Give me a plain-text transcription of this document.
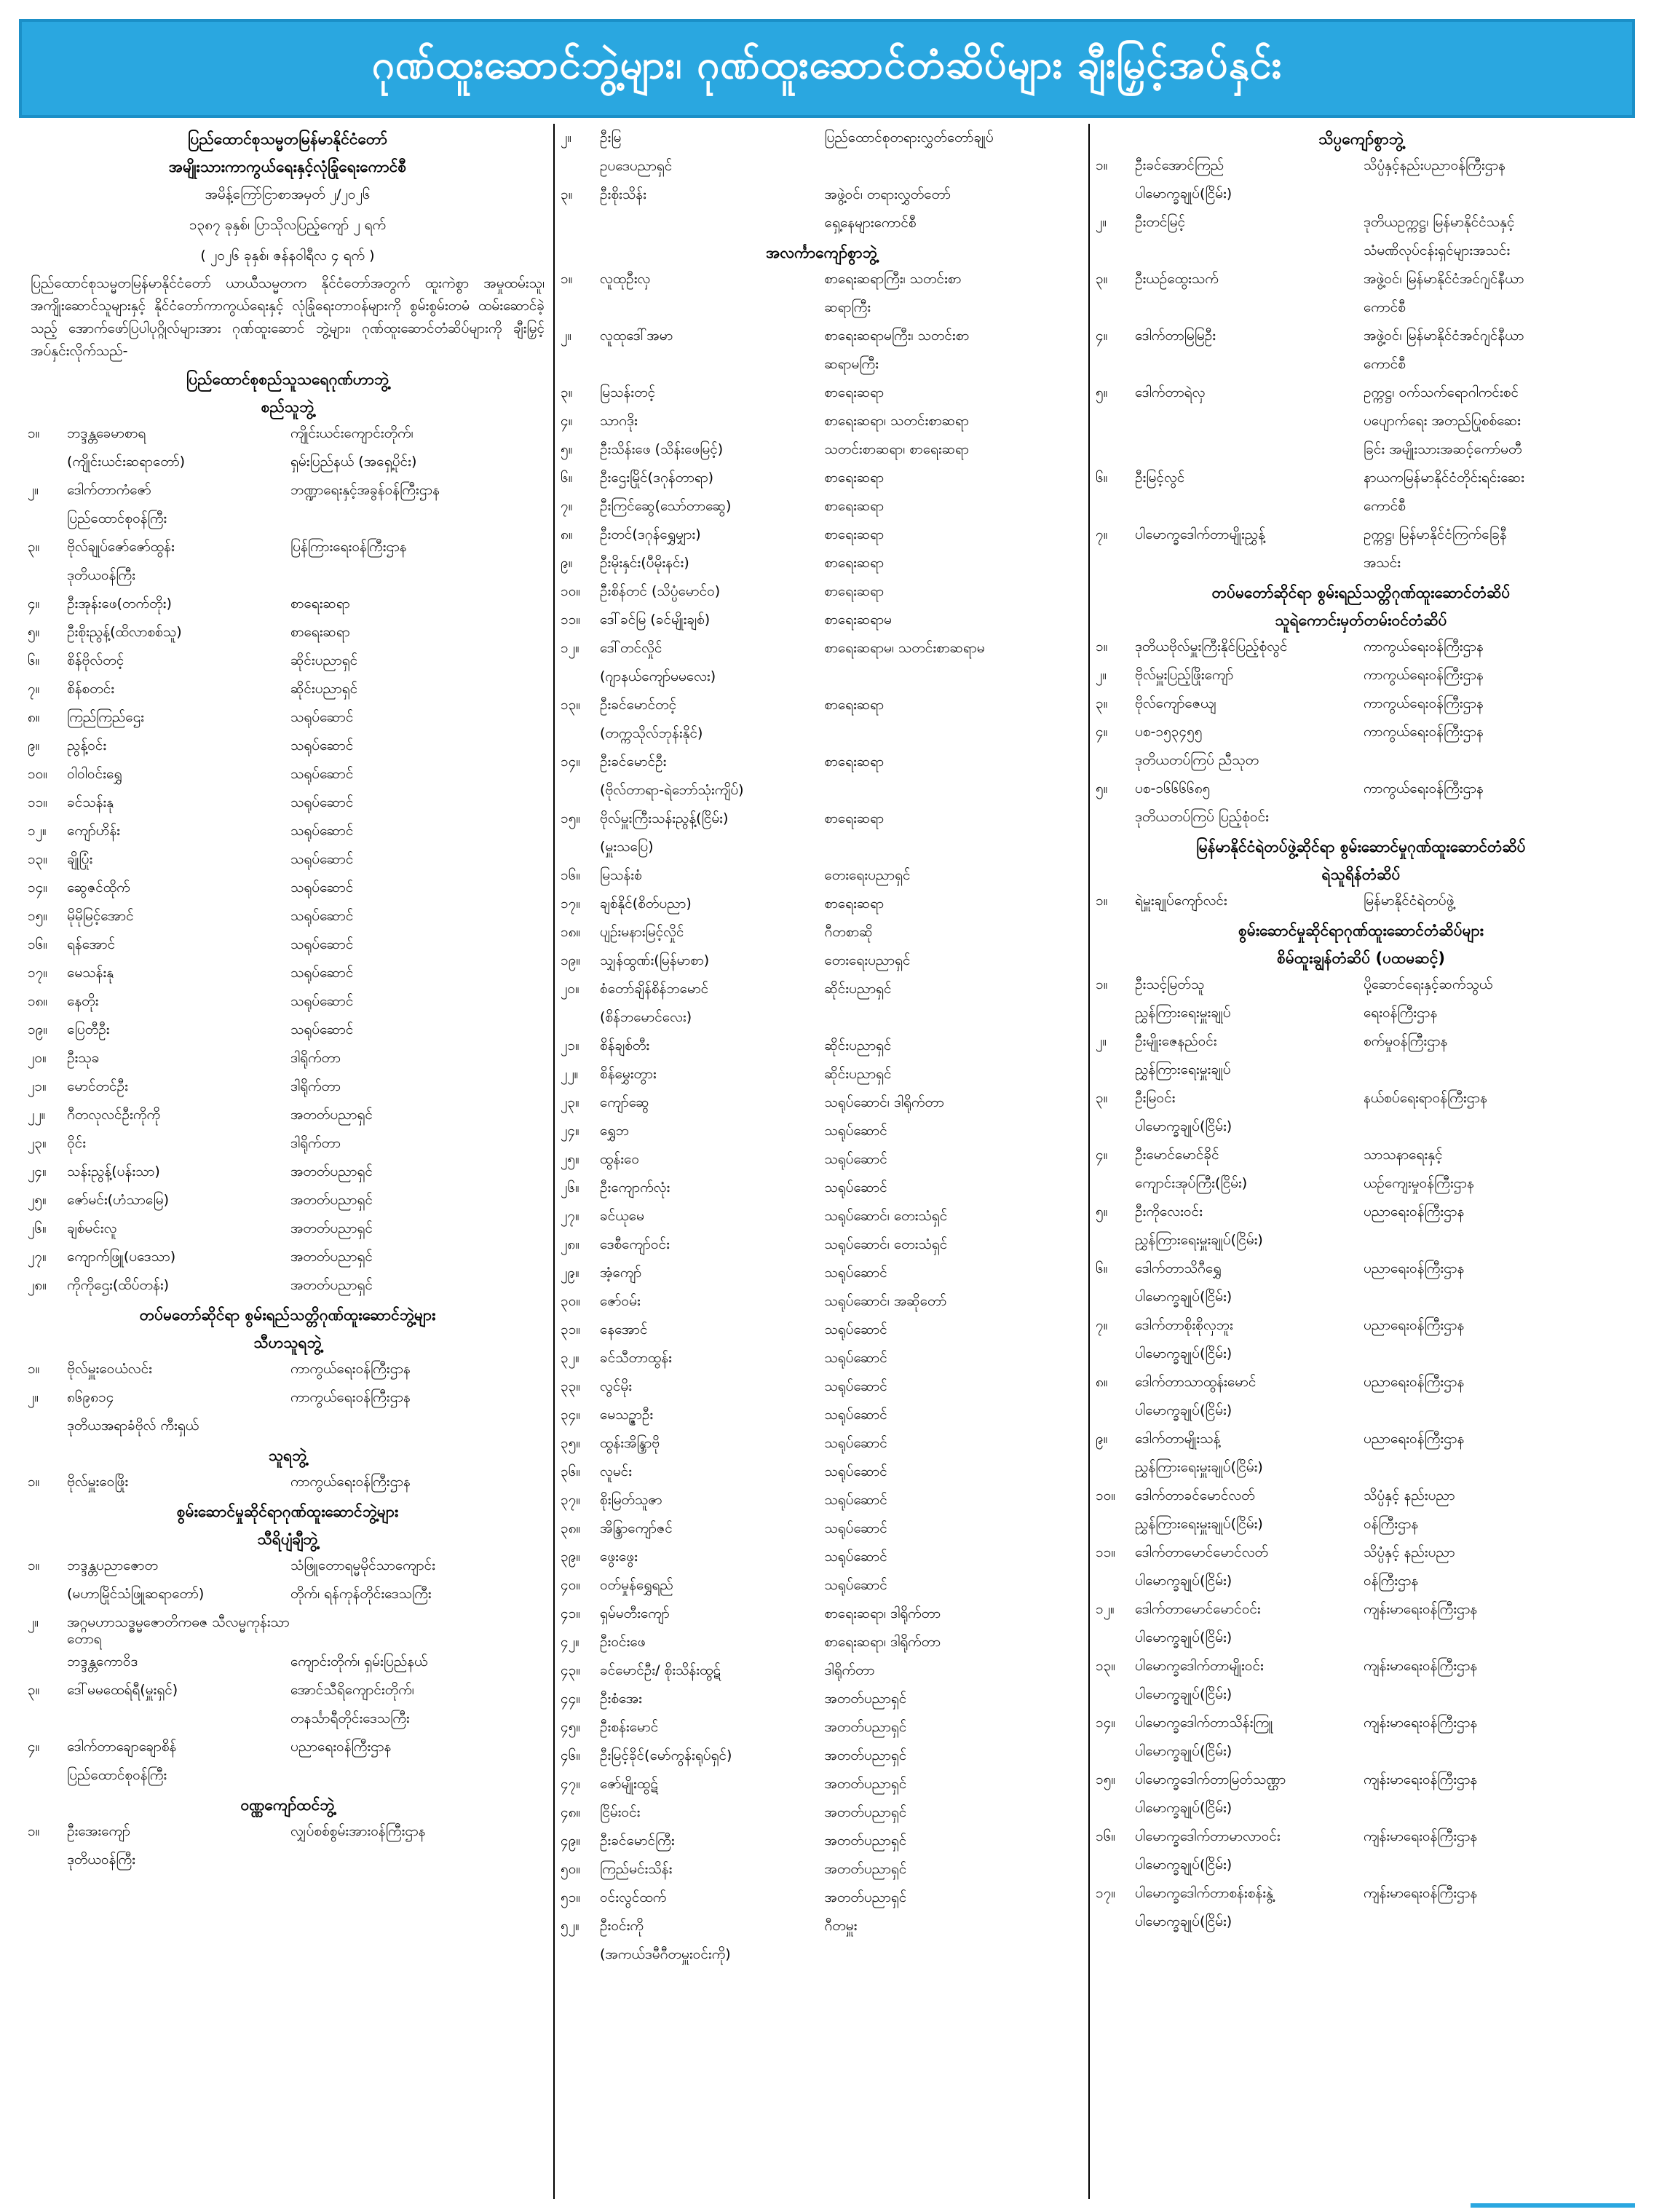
ဂုဏ်ထူးဆောင်ဘွဲ့များ၊ ဂုဏ်ထူးဆောင်တံဆိပ်များ ချီးမြှင့်အပ်နှင်း
ပြည်ထောင်စုသမ္မတမြန်မာနိုင်ငံတော်
အမျိုးသားကာကွယ်ရေးနှင့်လုံခြုံရေးကောင်စီ
အမိန့်ကြော်ငြာစာအမှတ် ၂/၂၀၂၆
၁၃၈၇ ခုနှစ်၊ ပြာသိုလပြည့်ကျော် ၂ ရက်
( ၂၀၂၆ ခုနှစ်၊ ဇန်နဝါရီလ ၄ ရက် )
ပြည်ထောင်စုသမ္မတမြန်မာနိုင်ငံတော် ယာယီသမ္မတက နိုင်ငံတော်အတွက် ထူးကဲစွာ အမှုထမ်းသူ၊ အကျိုးဆောင်သူများနှင့် နိုင်ငံတော်ကာကွယ်ရေးနှင့် လုံခြုံရေးတာဝန်များကို စွမ်းစွမ်းတမံ ထမ်းဆောင်ခဲ့သည့် အောက်ဖော်ပြပါပုဂ္ဂိုလ်များအား ဂုဏ်ထူးဆောင် ဘွဲ့များ၊ ဂုဏ်ထူးဆောင်တံဆိပ်များကို ချီးမြှင့်အပ်နှင်းလိုက်သည်-
ပြည်ထောင်စုစည်သူသရေဂုဏ်ဟာဘွဲ့
စည်သူဘွဲ့
၁။	ဘဒ္ဒန္တခေမာစာရ	ကျိုင်းယင်းကျောင်းတိုက်၊
(ကျိုင်းယင်းဆရာတော်)	ရှမ်းပြည်နယ် (အရှေ့ပိုင်း)
၂။	ဒေါက်တာကံဇော်	ဘဏ္ဍာရေးနှင့်အခွန်ဝန်ကြီးဌာန
ပြည်ထောင်စုဝန်ကြီး
၃။	ဗိုလ်ချုပ်ဇော်ဇော်ထွန်း	ပြန်ကြားရေးဝန်ကြီးဌာန
ဒုတိယဝန်ကြီး
၄။	ဦးအုန်းဖေ(တက်တိုး)	စာရေးဆရာ
၅။	ဦးစိုးညွန့်(ထိလာစစ်သူ)	စာရေးဆရာ
၆။	စိန်ဗိုလ်တင့်	ဆိုင်းပညာရှင်
၇။	စိန်စတင်း	ဆိုင်းပညာရှင်
၈။	ကြည်ကြည်ဌေး	သရုပ်ဆောင်
၉။	ညွန့်ဝင်း	သရုပ်ဆောင်
၁၀။	ဝါဝါဝင်းရွှေ	သရုပ်ဆောင်
၁၁။	ခင်သန်းနု	သရုပ်ဆောင်
၁၂။	ကျော်ဟိန်း	သရုပ်ဆောင်
၁၃။	ချိုပြုံး	သရုပ်ဆောင်
၁၄။	ဆွေဇင်ထိုက်	သရုပ်ဆောင်
၁၅။	မိုမိုမြင့်အောင်	သရုပ်ဆောင်
၁၆။	ရန်အောင်	သရုပ်ဆောင်
၁၇။	မေသန်းနု	သရုပ်ဆောင်
၁၈။	နေတိုး	သရုပ်ဆောင်
၁၉။	ပြေတီဦး	သရုပ်ဆောင်
၂၀။	ဦးသုခ	ဒါရိုက်တာ
၂၁။	မောင်တင်ဦး	ဒါရိုက်တာ
၂၂။	ဂီတလုလင်ဦးကိုကို	အတတ်ပညာရှင်
၂၃။	ဝိုင်း	ဒါရိုက်တာ
၂၄။	သန်းညွန့်(ပန်းသာ)	အတတ်ပညာရှင်
၂၅။	ဇော်မင်း(ဟံသာမြေ)	အတတ်ပညာရှင်
၂၆။	ချစ်မင်းလူ	အတတ်ပညာရှင်
၂၇။	ကျောက်ဖြူ(ပဒေသာ)	အတတ်ပညာရှင်
၂၈။	ကိုကိုဌေး(ထိပ်တန်း)	အတတ်ပညာရှင်
တပ်မတော်ဆိုင်ရာ စွမ်းရည်သတ္တိဂုဏ်ထူးဆောင်ဘွဲ့များ
သီဟသူရဘွဲ့
၁။	ဗိုလ်မှူးဝေယံလင်း	ကာကွယ်ရေးဝန်ကြီးဌာန
၂။	၈၆၉၈၁၄	ကာကွယ်ရေးဝန်ကြီးဌာန
ဒုတိယအရာခံဗိုလ် ကီးရှယ်
သူရဘွဲ့
၁။	ဗိုလ်မှူးဝေဖြိုး	ကာကွယ်ရေးဝန်ကြီးဌာန
စွမ်းဆောင်မှုဆိုင်ရာဂုဏ်ထူးဆောင်ဘွဲ့များ
သီရိပျံချီဘွဲ့
၁။	ဘဒ္ဒန္တပညာဇောတ	သံဖြူတောရမ္မမိုင်သာကျောင်း
(မဟာမြိုင်သံဖြူဆရာတော်)	တိုက်၊ ရန်ကုန်တိုင်းဒေသကြီး
၂။	အဂ္ဂမဟာသဒ္ဓမ္မဇောတိကဓဇ သီလမ္မကုန်းသာတောရ
ဘဒ္ဒန္တကောဝိဒ	ကျောင်းတိုက်၊ ရှမ်းပြည်နယ်
၃။	ဒေါ်မမထေရ်ရီ(မှူးရှင်)	အောင်သီရိကျောင်းတိုက်၊
တနင်္သာရီတိုင်းဒေသကြီး
၄။	ဒေါက်တာချောချောစိန်	ပညာရေးဝန်ကြီးဌာန
ပြည်ထောင်စုဝန်ကြီး
ဝဏ္ဏကျော်ထင်ဘွဲ့
၁။	ဦးအေးကျော်	လျှပ်စစ်စွမ်းအားဝန်ကြီးဌာန
ဒုတိယဝန်ကြီး
၂။	ဦးမြ	ပြည်ထောင်စုတရားလွှတ်တော်ချုပ်
ဥပဒေပညာရှင်
၃။	ဦးစိုးသိန်း	အဖွဲ့ဝင်၊ တရားလွှတ်တော်
ရှေ့နေများကောင်စီ
အလင်္ကာကျော်စွာဘွဲ့
၁။	လူထုဦးလှ	စာရေးဆရာကြီး၊ သတင်းစာ
ဆရာကြီး
၂။	လူထုဒေါ်အမာ	စာရေးဆရာမကြီး၊ သတင်းစာ
ဆရာမကြီး
၃။	မြသန်းတင့်	စာရေးဆရာ
၄။	သာဂဒိုး	စာရေးဆရာ၊ သတင်းစာဆရာ
၅။	ဦးသိန်းဖေ (သိန်းဖေမြင့်)	သတင်းစာဆရာ၊ စာရေးဆရာ
၆။	ဦးဌေးမြိုင်(ဒဂုန်တာရာ)	စာရေးဆရာ
၇။	ဦးကြင်ဆွေ(သော်တာဆွေ)	စာရေးဆရာ
၈။	ဦးတင်(ဒဂုန်ရွှေမျှား)	စာရေးဆရာ
၉။	ဦးမိုးနှင်း(ပီမိုးနင်း)	စာရေးဆရာ
၁၀။	ဦးစိန်တင် (သိပ္ပံမောင်ဝ)	စာရေးဆရာ
၁၁။	ဒေါ်ခင်မြ (ခင်မျိုးချစ်)	စာရေးဆရာမ
၁၂။	ဒေါ်တင်လှိုင်	စာရေးဆရာမ၊ သတင်းစာဆရာမ
(ဂျာနယ်ကျော်မမလေး)
၁၃။	ဦးခင်မောင်တင့်	စာရေးဆရာ
(တက္ကသိုလ်ဘုန်းနိုင်)
၁၄။	ဦးခင်မောင်ဦး	စာရေးဆရာ
(ဗိုလ်တာရာ-ရဲဘော်သုံးကျိပ်)
၁၅။	ဗိုလ်မှူးကြီးသန်းညွန့်(ငြိမ်း)	စာရေးဆရာ
(မှူးသပြေ)
၁၆။	မြသန်းစံ	တေးရေးပညာရှင်
၁၇။	ချစ်နိုင်(စိတ်ပညာ)	စာရေးဆရာ
၁၈။	ပျဉ်းမနားမြင့်လှိုင်	ဂီတစာဆို
၁၉။	သျှန်ထွဏ်း(မြန်မာစာ)	တေးရေးပညာရှင်
၂၀။	စံတော်ချိန်စိန်ဘမောင်	ဆိုင်းပညာရှင်
(စိန်ဘမောင်လေး)
၂၁။	စိန်ချစ်တီး	ဆိုင်းပညာရှင်
၂၂။	စိန်မွှေးတွား	ဆိုင်းပညာရှင်
၂၃။	ကျော်ဆွေ	သရုပ်ဆောင်၊ ဒါရိုက်တာ
၂၄။	ရွှေဘ	သရုပ်ဆောင်
၂၅။	ထွန်းဝေ	သရုပ်ဆောင်
၂၆။	ဦးကျောက်လုံး	သရုပ်ဆောင်
၂၇။	ခင်ယုမေ	သရုပ်ဆောင်၊ တေးသံရှင်
၂၈။	ဒေစီကျော်ဝင်း	သရုပ်ဆောင်၊ တေးသံရှင်
၂၉။	အံ့ကျော်	သရုပ်ဆောင်
၃၀။	ဇော်ဝမ်း	သရုပ်ဆောင်၊ အဆိုတော်
၃၁။	နေအောင်	သရုပ်ဆောင်
၃၂။	ခင်သီတာထွန်း	သရုပ်ဆောင်
၃၃။	လွင်မိုး	သရုပ်ဆောင်
၃၄။	မေသဉ္ဇာဦး	သရုပ်ဆောင်
၃၅။	ထွန်းအိန္ဒြာဗို	သရုပ်ဆောင်
၃၆။	လူမင်း	သရုပ်ဆောင်
၃၇။	စိုးမြတ်သူဇာ	သရုပ်ဆောင်
၃၈။	အိန္ဒြာကျော်ဇင်	သရုပ်ဆောင်
၃၉။	ဖွေးဖွေး	သရုပ်ဆောင်
၄၀။	ဝတ်မှုန်ရွှေရည်	သရုပ်ဆောင်
၄၁။	ရှမ်မတီးကျော်	စာရေးဆရာ၊ ဒါရိုက်တာ
၄၂။	ဦးဝင်းဖေ	စာရေးဆရာ၊ ဒါရိုက်တာ
၄၃။	ခင်မောင်ဦး/ စိုးသိန်းထွဋ်	ဒါရိုက်တာ
၄၄။	ဦးစံအေး	အတတ်ပညာရှင်
၄၅။	ဦးစန်းမောင်	အတတ်ပညာရှင်
၄၆။	ဦးမြင့်ခိုင်(မော်ကွန်းရုပ်ရှင်)	အတတ်ပညာရှင်
၄၇။	ဇော်မျိုးထွဋ်	အတတ်ပညာရှင်
၄၈။	ငြိမ်းဝင်း	အတတ်ပညာရှင်
၄၉။	ဦးခင်မောင်ကြီး	အတတ်ပညာရှင်
၅၀။	ကြည်မင်းသိန်း	အတတ်ပညာရှင်
၅၁။	ဝင်းလွင်ထက်	အတတ်ပညာရှင်
၅၂။	ဦးဝင်းကို	ဂီတမှူး
(အကယ်ဒမီဂီတမှူးဝင်းကို)
သိပ္ပကျော်စွာဘွဲ့
၁။	ဦးခင်အောင်ကြည်	သိပ္ပံနှင့်နည်းပညာဝန်ကြီးဌာန
ပါမောက္ခချုပ်(ငြိမ်း)
၂။	ဦးတင်မြင့်	ဒုတိယဥက္ကဋ္ဌ၊ မြန်မာနိုင်ငံသနှင့်
သံမဏိလုပ်ငန်းရှင်များအသင်း
၃။	ဦးယဉ်ထွေးသက်	အဖွဲ့ဝင်၊ မြန်မာနိုင်ငံအင်ဂျင်နီယာ
ကောင်စီ
၄။	ဒေါက်တာမြမြဦး	အဖွဲ့ဝင်၊ မြန်မာနိုင်ငံအင်ဂျင်နီယာ
ကောင်စီ
၅။	ဒေါက်တာရဲလှ	ဥက္ကဋ္ဌ၊ ဝက်သက်ရောဂါကင်းစင်
ပပျောက်ရေး အတည်ပြုစစ်ဆေး
ခြင်း အမျိုးသားအဆင့်ကော်မတီ
၆။	ဦးမြင့်လွင်	နာယကမြန်မာနိုင်ငံတိုင်းရင်းဆေး
ကောင်စီ
၇။	ပါမောက္ခဒေါက်တာမျိုးညွှန့်	ဥက္ကဋ္ဌ၊ မြန်မာနိုင်ငံကြက်ခြေနီ
အသင်း
တပ်မတော်ဆိုင်ရာ စွမ်းရည်သတ္တိဂုဏ်ထူးဆောင်တံဆိပ်
သူရဲကောင်းမှတ်တမ်းဝင်တံဆိပ်
၁။	ဒုတိယဗိုလ်မှူးကြီးနိုင်ပြည့်စုံလွင်	ကာကွယ်ရေးဝန်ကြီးဌာန
၂။	ဗိုလ်မှူးပြည့်ဖြိုးကျော်	ကာကွယ်ရေးဝန်ကြီးဌာန
၃။	ဗိုလ်ကျော်ဇေယျ	ကာကွယ်ရေးဝန်ကြီးဌာန
၄။	ပစ-၁၅၃၄၅၅	ကာကွယ်ရေးဝန်ကြီးဌာန
ဒုတိယတပ်ကြပ် ညီသုတ
၅။	ပစ-၁၆၆၆၆၈၅	ကာကွယ်ရေးဝန်ကြီးဌာန
ဒုတိယတပ်ကြပ် ပြည့်စုံဝင်း
မြန်မာနိုင်ငံရဲတပ်ဖွဲ့ဆိုင်ရာ စွမ်းဆောင်မှုဂုဏ်ထူးဆောင်တံဆိပ်
ရဲသူရိန်တံဆိပ်
၁။	ရဲမှူးချုပ်ကျော်လင်း	မြန်မာနိုင်ငံရဲတပ်ဖွဲ့
စွမ်းဆောင်မှုဆိုင်ရာဂုဏ်ထူးဆောင်တံဆိပ်များ
စိမ်ထူးချွန်တံဆိပ် (ပထမဆင့်)
၁။	ဦးသင့်မြတ်သူ	ပို့ဆောင်ရေးနှင့်ဆက်သွယ်
ညွှန်ကြားရေးမှူးချုပ်	ရေးဝန်ကြီးဌာန
၂။	ဦးမျိုးဇေနည်ဝင်း	စက်မှုဝန်ကြီးဌာန
ညွှန်ကြားရေးမှူးချုပ်
၃။	ဦးမြဝင်း	နယ်စပ်ရေးရာဝန်ကြီးဌာန
ပါမောက္ခချုပ်(ငြိမ်း)
၄။	ဦးမောင်မောင်ခိုင်	သာသနာရေးနှင့်
ကျောင်းအုပ်ကြီး(ငြိမ်း)	ယဉ်ကျေးမှုဝန်ကြီးဌာန
၅။	ဦးကိုလေးဝင်း	ပညာရေးဝန်ကြီးဌာန
ညွှန်ကြားရေးမှူးချုပ်(ငြိမ်း)
၆။	ဒေါက်တာသိဂီရွှေ	ပညာရေးဝန်ကြီးဌာန
ပါမောက္ခချုပ်(ငြိမ်း)
၇။	ဒေါက်တာစိုးစိုလှဘူး	ပညာရေးဝန်ကြီးဌာန
ပါမောက္ခချုပ်(ငြိမ်း)
၈။	ဒေါက်တာသာထွန်းမောင်	ပညာရေးဝန်ကြီးဌာန
ပါမောက္ခချုပ်(ငြိမ်း)
၉။	ဒေါက်တာမျိုးသန့်	ပညာရေးဝန်ကြီးဌာန
ညွှန်ကြားရေးမှူးချုပ်(ငြိမ်း)
၁၀။	ဒေါက်တာခင်မောင်လတ်	သိပ္ပံနှင့် နည်းပညာ
ညွှန်ကြားရေးမှူးချုပ်(ငြိမ်း)	ဝန်ကြီးဌာန
၁၁။	ဒေါက်တာမောင်မောင်လတ်	သိပ္ပံနှင့် နည်းပညာ
ပါမောက္ခချုပ်(ငြိမ်း)	ဝန်ကြီးဌာန
၁၂။	ဒေါက်တာမောင်မောင်ဝင်း	ကျန်းမာရေးဝန်ကြီးဌာန
ပါမောက္ခချုပ်(ငြိမ်း)
၁၃။	ပါမောက္ခဒေါက်တာမျိုးဝင်း	ကျန်းမာရေးဝန်ကြီးဌာန
ပါမောက္ခချုပ်(ငြိမ်း)
၁၄။	ပါမောက္ခဒေါက်တာသိန်းကြူ	ကျန်းမာရေးဝန်ကြီးဌာန
ပါမောက္ခချုပ်(ငြိမ်း)
၁၅။	ပါမောက္ခဒေါက်တာမြတ်သဏ္ဌာ	ကျန်းမာရေးဝန်ကြီးဌာန
ပါမောက္ခချုပ်(ငြိမ်း)
၁၆။	ပါမောက္ခဒေါက်တာမာလာဝင်း	ကျန်းမာရေးဝန်ကြီးဌာန
ပါမောက္ခချုပ်(ငြိမ်း)
၁၇။	ပါမောက္ခဒေါက်တာစန်းစန်းနွဲ့	ကျန်းမာရေးဝန်ကြီးဌာန
ပါမောက္ခချုပ်(ငြိမ်း)
